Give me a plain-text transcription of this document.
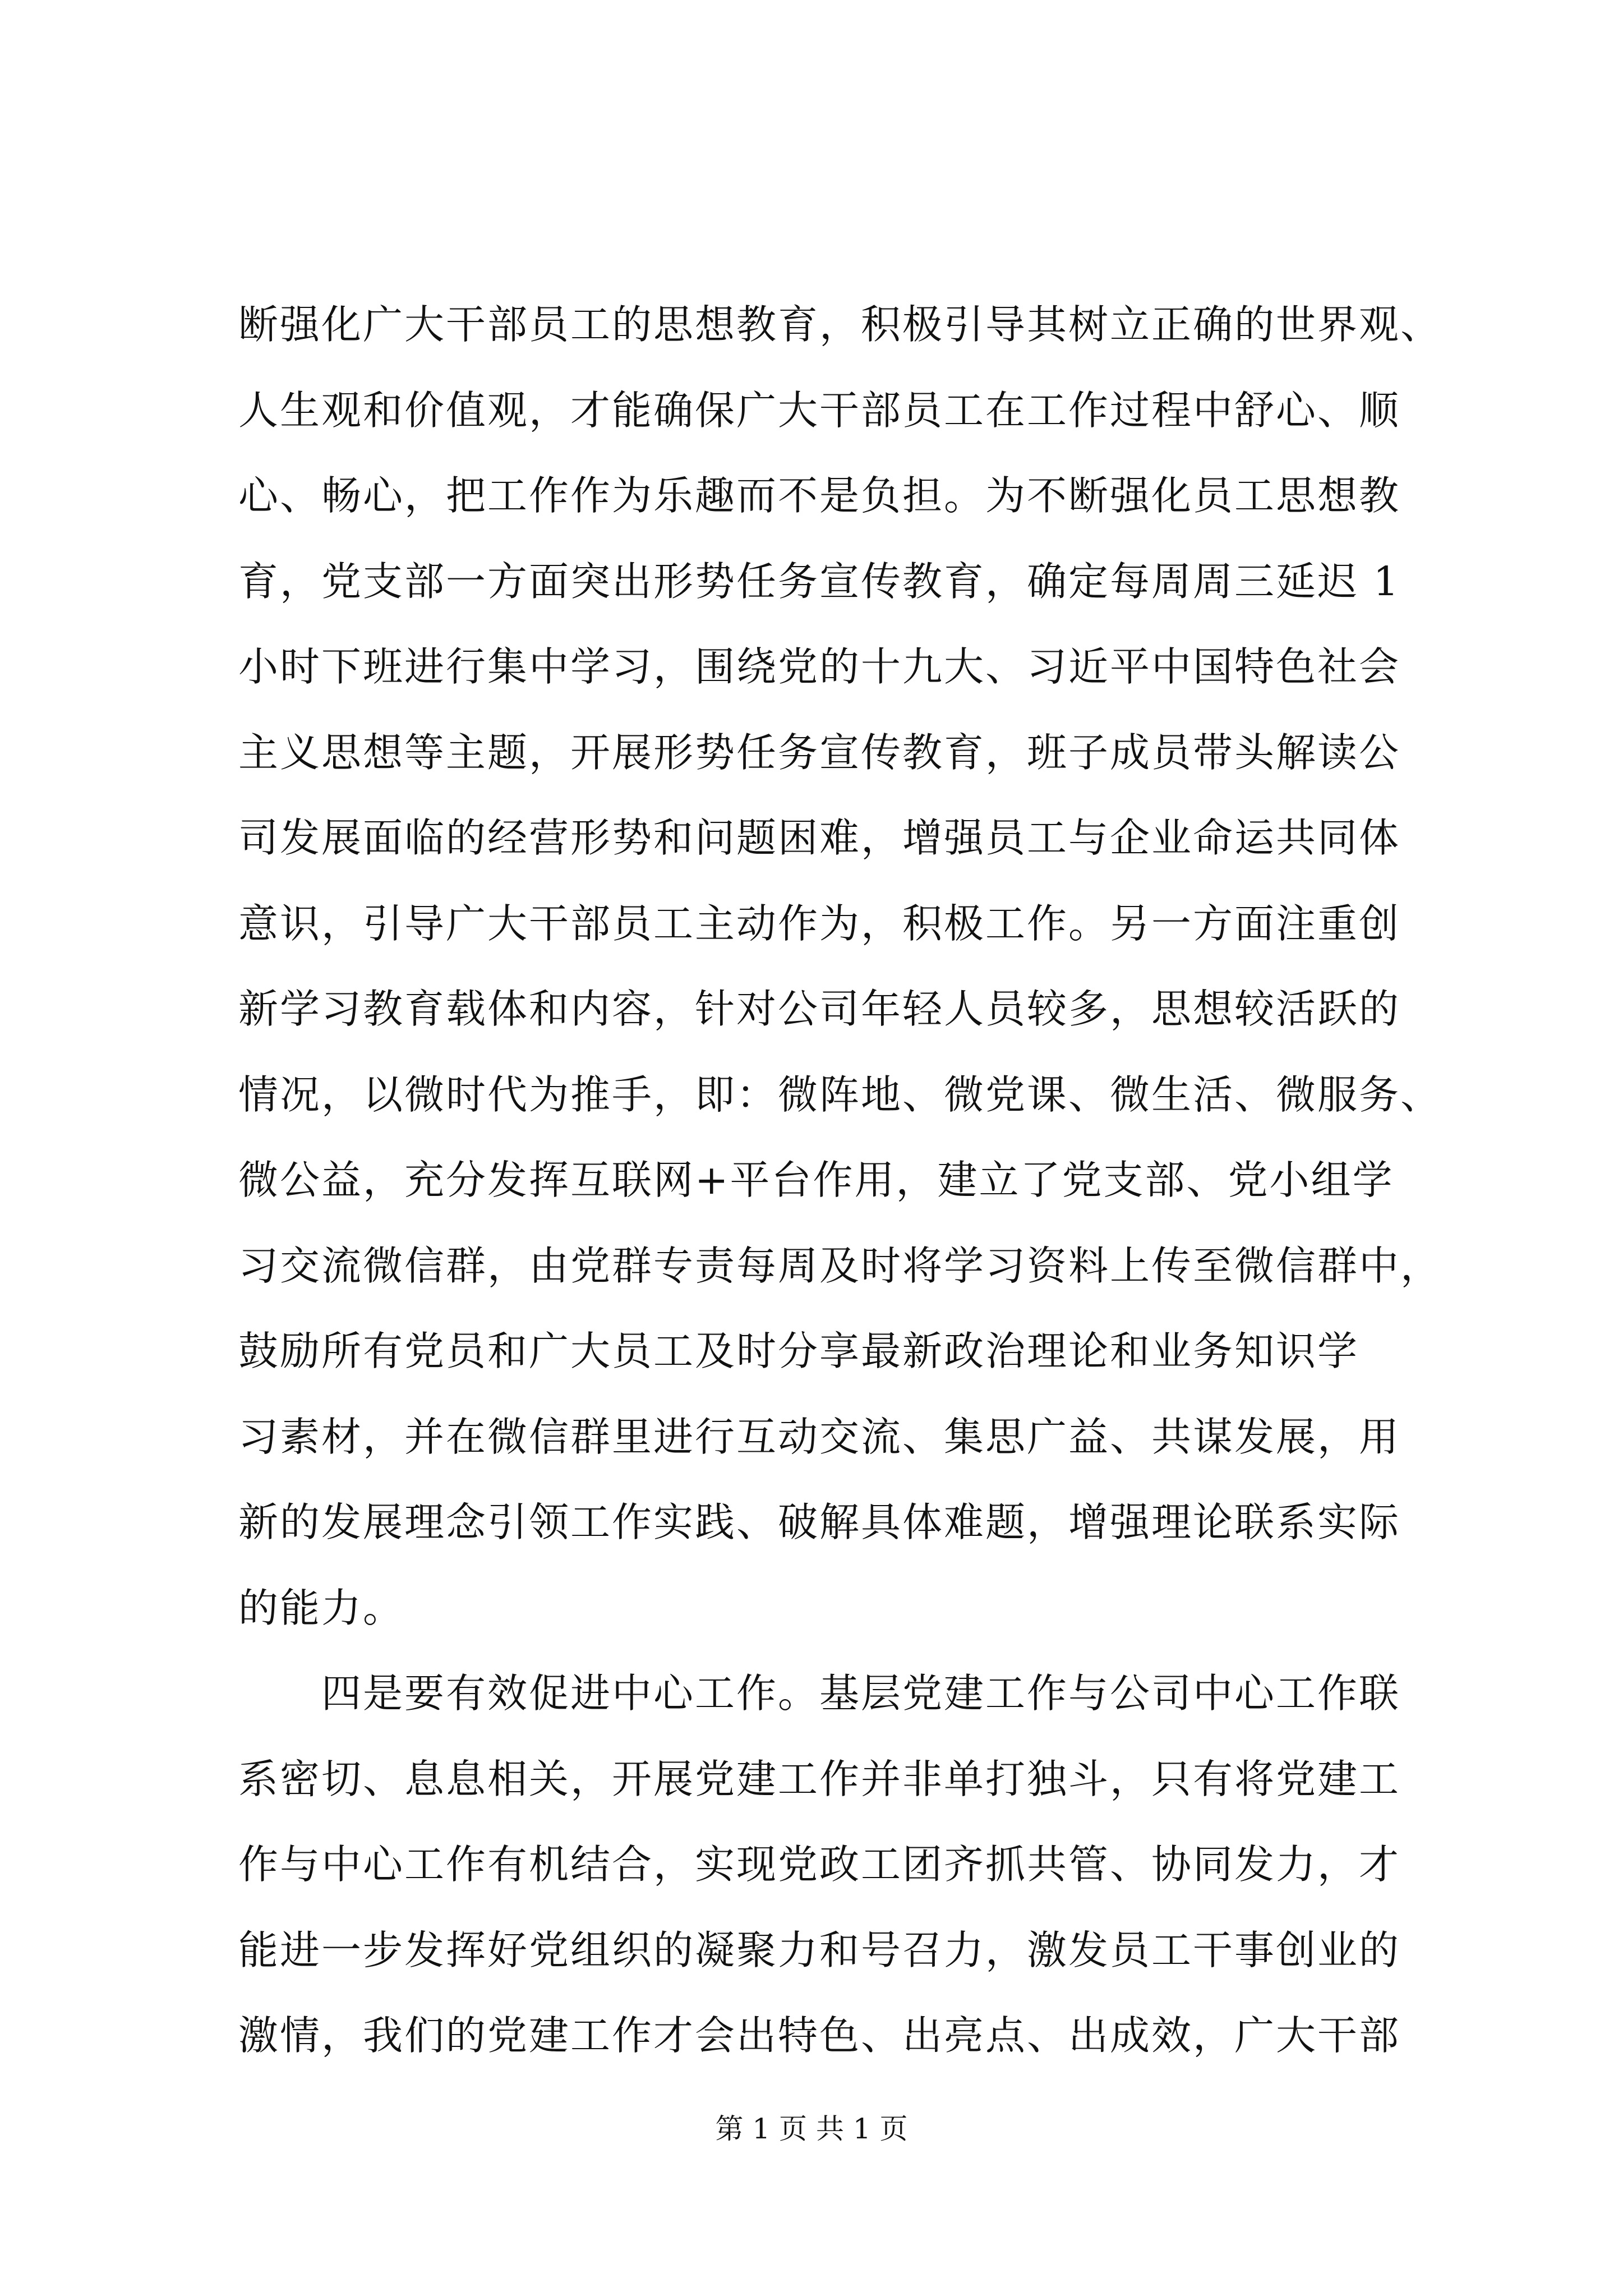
断强化广大干部员工的思想教育，积极引导其树立正确的世界观、
人生观和价值观，才能确保广大干部员工在工作过程中舒心、顺
心、畅心，把工作作为乐趣而不是负担。为不断强化员工思想教
育，党支部一方面突出形势任务宣传教育，确定每周周三延迟 1
小时下班进行集中学习，围绕党的十九大、习近平中国特色社会
主义思想等主题，开展形势任务宣传教育，班子成员带头解读公
司发展面临的经营形势和问题困难，增强员工与企业命运共同体
意识，引导广大干部员工主动作为，积极工作。另一方面注重创
新学习教育载体和内容，针对公司年轻人员较多，思想较活跃的
情况，以微时代为推手，即：微阵地、微党课、微生活、微服务、
微公益，充分发挥互联网+平台作用，建立了党支部、党小组学
习交流微信群，由党群专责每周及时将学习资料上传至微信群中，
鼓励所有党员和广大员工及时分享最新政治理论和业务知识学
习素材，并在微信群里进行互动交流、集思广益、共谋发展，用
新的发展理念引领工作实践、破解具体难题，增强理论联系实际
的能力。
四是要有效促进中心工作。基层党建工作与公司中心工作联
系密切、息息相关，开展党建工作并非单打独斗，只有将党建工
作与中心工作有机结合，实现党政工团齐抓共管、协同发力，才
能进一步发挥好党组织的凝聚力和号召力，激发员工干事创业的
激情，我们的党建工作才会出特色、出亮点、出成效，广大干部
第 1 页 共 1 页
